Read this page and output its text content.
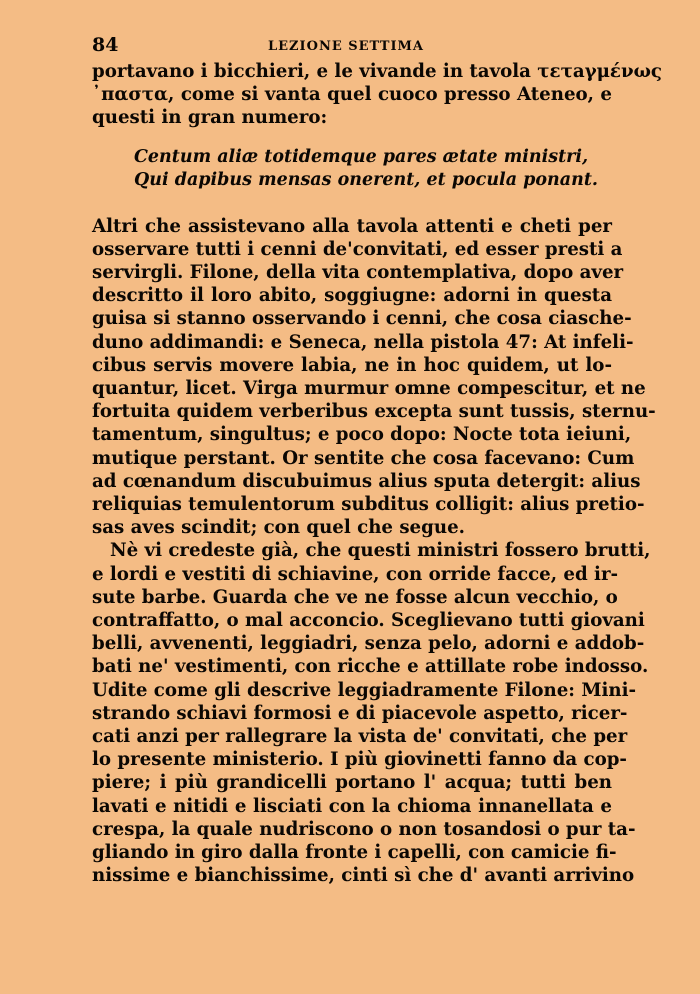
84	LEZIONE SETTIMA

portavano i bicchieri, e le vivande in tavola τετaγμένως
᾿παστα, come si vanta quel cuoco presso Ateneo, e
questi in gran numero:

Centum aliæ totidemque pares ætate ministri,
Qui dapibus mensas onerent, et pocula ponant.

Altri che assistevano alla tavola attenti e cheti per
osservare tutti i cenni de'convitati, ed esser presti a
servirgli. Filone, della vita contemplativa, dopo aver
descritto il loro abito, soggiugne: adorni in questa
guisa si stanno osservando i cenni, che cosa ciasche-
duno addimandi: e Seneca, nella pistola 47: At infeli-
cibus servis movere labia, ne in hoc quidem, ut lo-
quantur, licet. Virga murmur omne compescitur, et ne
fortuita quidem verberibus excepta sunt tussis, sternu-
tamentum, singultus; e poco dopo: Nocte tota ieiuni,
mutique perstant. Or sentite che cosa facevano: Cum
ad cœnandum discubuimus alius sputa detergit: alius
reliquias temulentorum subditus colligit: alius pretio-
sas aves scindit; con quel che segue.

Nè vi credeste già, che questi ministri fossero brutti,
e lordi e vestiti di schiavine, con orride facce, ed ir-
sute barbe. Guarda che ve ne fosse alcun vecchio, o
contraffatto, o mal acconcio. Sceglievano tutti giovani
belli, avvenenti, leggiadri, senza pelo, adorni e addob-
bati ne' vestimenti, con ricche e attillate robe indosso.
Udite come gli descrive leggiadramente Filone: Mini-
strando schiavi formosi e di piacevole aspetto, ricer-
cati anzi per rallegrare la vista de' convitati, che per
lo presente ministerio. I più giovinetti fanno da cop-
piere; i più grandicelli portano l' acqua; tutti ben
lavati e nitidi e lisciati con la chioma innanellata e
crespa, la quale nudriscono o non tosandosi o pur ta-
gliando in giro dalla fronte i capelli, con camicie fi-
nissime e bianchissime, cinti sì che d' avanti arrivino
